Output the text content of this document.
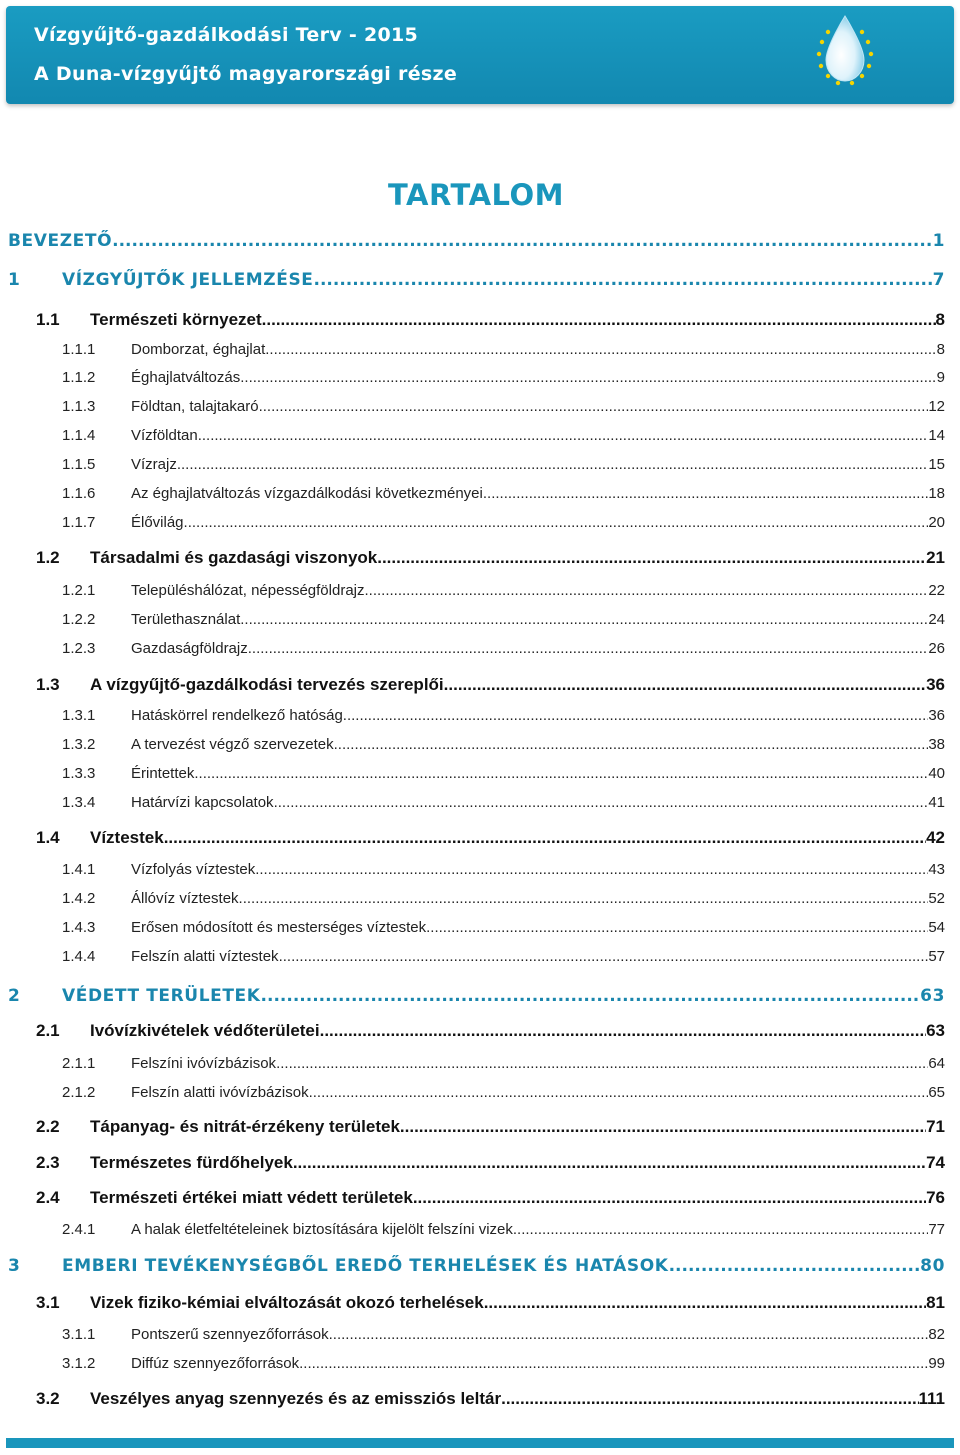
Vízgyűjtő-gazdálkodási Terv - 2015
A Duna-vízgyűjtő magyarországi része
TARTALOM
BEVEZETŐ .....	1
1 VÍZGYŰJTŐK JELLEMZÉSE .....	7
1.1 Természeti környezet .....	8
1.1.1 Domborzat, éghajlat .....	8
1.1.2 Éghajlatváltozás .....	9
1.1.3 Földtan, talajtakaró .....	12
1.1.4 Vízföldtan .....	14
1.1.5 Vízrajz .....	15
1.1.6 Az éghajlatváltozás vízgazdálkodási következményei .....	18
1.1.7 Élővilág .....	20
1.2 Társadalmi és gazdasági viszonyok .....	21
1.2.1 Településhálózat, népességföldrajz .....	22
1.2.2 Területhasználat .....	24
1.2.3 Gazdaságföldrajz .....	26
1.3 A vízgyűjtő-gazdálkodási tervezés szereplői .....	36
1.3.1 Hatáskörrel rendelkező hatóság .....	36
1.3.2 A tervezést végző szervezetek .....	38
1.3.3 Érintettek .....	40
1.3.4 Határvízi kapcsolatok .....	41
1.4 Víztestek .....	42
1.4.1 Vízfolyás víztestek .....	43
1.4.2 Állóvíz víztestek .....	52
1.4.3 Erősen módosított és mesterséges víztestek .....	54
1.4.4 Felszín alatti víztestek .....	57
2 VÉDETT TERÜLETEK .....	63
2.1 Ivóvízkivételek védőterületei .....	63
2.1.1 Felszíni ivóvízbázisok .....	64
2.1.2 Felszín alatti ivóvízbázisok .....	65
2.2 Tápanyag- és nitrát-érzékeny területek .....	71
2.3 Természetes fürdőhelyek .....	74
2.4 Természeti értékei miatt védett területek .....	76
2.4.1 A halak életfeltételeinek biztosítására kijelölt felszíni vizek .....	77
3 EMBERI TEVÉKENYSÉGBŐL EREDŐ TERHELÉSEK ÉS HATÁSOK .....	80
3.1 Vizek fiziko-kémiai elváltozását okozó terhelések .....	81
3.1.1 Pontszerű szennyezőforrások .....	82
3.1.2 Diffúz szennyezőforrások .....	99
3.2 Veszélyes anyag szennyezés és az emissziós leltár .....	111
